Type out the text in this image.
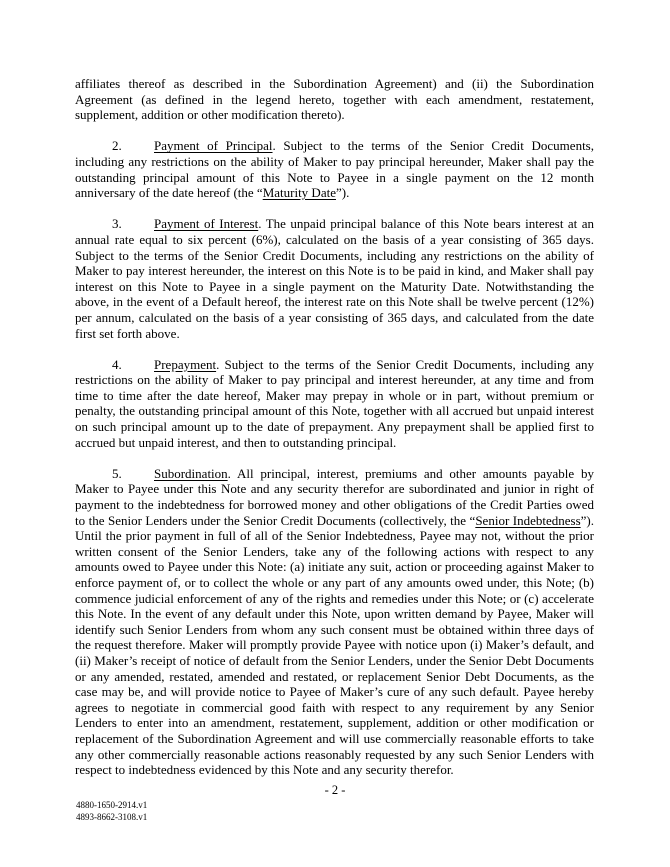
affiliates thereof as described in the Subordination Agreement) and (ii) the Subordination Agreement (as defined in the legend hereto, together with each amendment, restatement, supplement, addition or other modification thereto).

2. Payment of Principal. Subject to the terms of the Senior Credit Documents, including any restrictions on the ability of Maker to pay principal hereunder, Maker shall pay the outstanding principal amount of this Note to Payee in a single payment on the 12 month anniversary of the date hereof (the “Maturity Date”).

3. Payment of Interest. The unpaid principal balance of this Note bears interest at an annual rate equal to six percent (6%), calculated on the basis of a year consisting of 365 days. Subject to the terms of the Senior Credit Documents, including any restrictions on the ability of Maker to pay interest hereunder, the interest on this Note is to be paid in kind, and Maker shall pay interest on this Note to Payee in a single payment on the Maturity Date. Notwithstanding the above, in the event of a Default hereof, the interest rate on this Note shall be twelve percent (12%) per annum, calculated on the basis of a year consisting of 365 days, and calculated from the date first set forth above.

4. Prepayment. Subject to the terms of the Senior Credit Documents, including any restrictions on the ability of Maker to pay principal and interest hereunder, at any time and from time to time after the date hereof, Maker may prepay in whole or in part, without premium or penalty, the outstanding principal amount of this Note, together with all accrued but unpaid interest on such principal amount up to the date of prepayment. Any prepayment shall be applied first to accrued but unpaid interest, and then to outstanding principal.

5. Subordination. All principal, interest, premiums and other amounts payable by Maker to Payee under this Note and any security therefor are subordinated and junior in right of payment to the indebtedness for borrowed money and other obligations of the Credit Parties owed to the Senior Lenders under the Senior Credit Documents (collectively, the “Senior Indebtedness”). Until the prior payment in full of all of the Senior Indebtedness, Payee may not, without the prior written consent of the Senior Lenders, take any of the following actions with respect to any amounts owed to Payee under this Note: (a) initiate any suit, action or proceeding against Maker to enforce payment of, or to collect the whole or any part of any amounts owed under, this Note; (b) commence judicial enforcement of any of the rights and remedies under this Note; or (c) accelerate this Note. In the event of any default under this Note, upon written demand by Payee, Maker will identify such Senior Lenders from whom any such consent must be obtained within three days of the request therefore. Maker will promptly provide Payee with notice upon (i) Maker’s default, and (ii) Maker’s receipt of notice of default from the Senior Lenders, under the Senior Debt Documents or any amended, restated, amended and restated, or replacement Senior Debt Documents, as the case may be, and will provide notice to Payee of Maker’s cure of any such default. Payee hereby agrees to negotiate in commercial good faith with respect to any requirement by any Senior Lenders to enter into an amendment, restatement, supplement, addition or other modification or replacement of the Subordination Agreement and will use commercially reasonable efforts to take any other commercially reasonable actions reasonably requested by any such Senior Lenders with respect to indebtedness evidenced by this Note and any security therefor.

- 2 -
4880-1650-2914.v1
4893-8662-3108.v1
